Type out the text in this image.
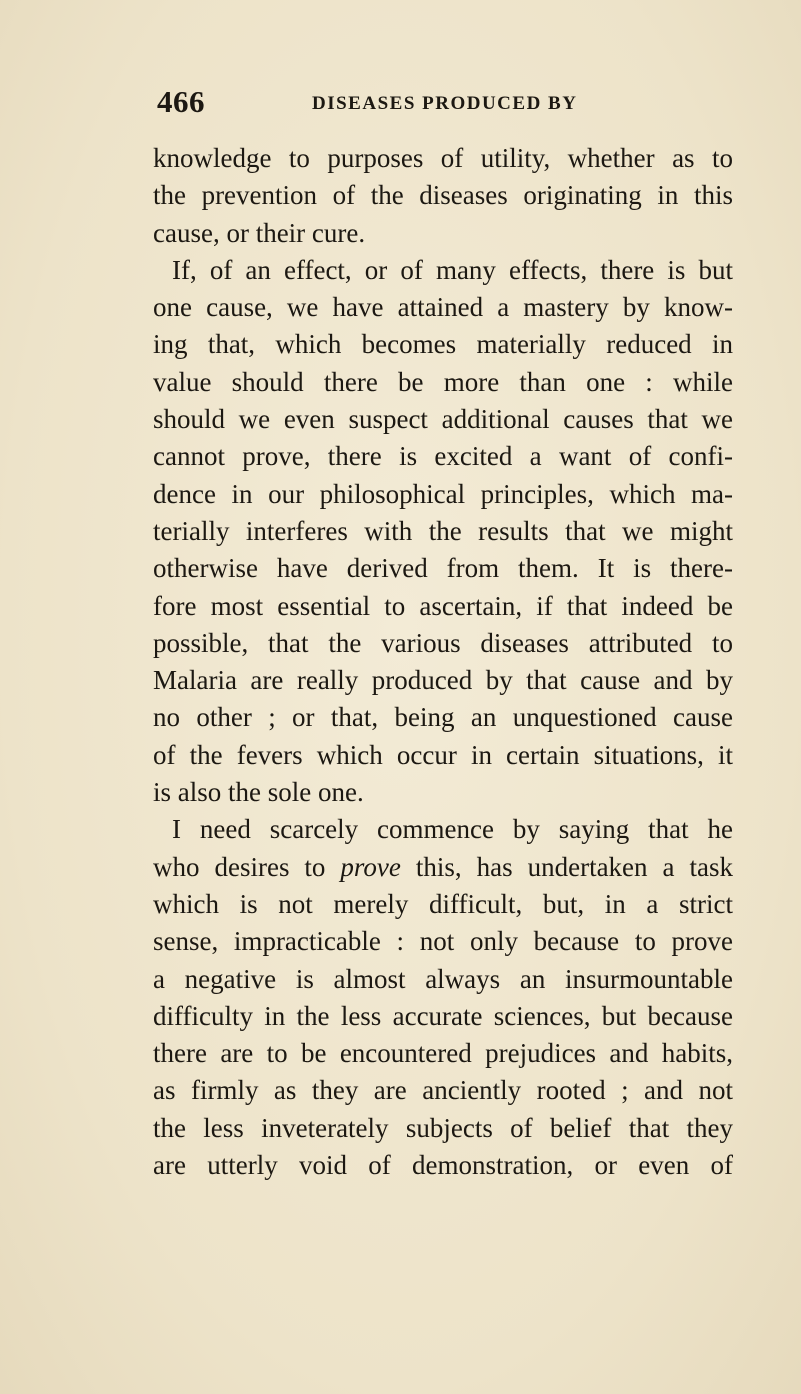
466	DISEASES PRODUCED BY
knowledge to purposes of utility, whether as to
the prevention of the diseases originating in this
cause, or their cure.
If, of an effect, or of many effects, there is but
one cause, we have attained a mastery by know-
ing that, which becomes materially reduced in
value should there be more than one : while
should we even suspect additional causes that we
cannot prove, there is excited a want of confi-
dence in our philosophical principles, which ma-
terially interferes with the results that we might
otherwise have derived from them. It is there-
fore most essential to ascertain, if that indeed be
possible, that the various diseases attributed to
Malaria are really produced by that cause and by
no other ; or that, being an unquestioned cause
of the fevers which occur in certain situations, it
is also the sole one.
I need scarcely commence by saying that he
who desires to prove this, has undertaken a task
which is not merely difficult, but, in a strict
sense, impracticable : not only because to prove
a negative is almost always an insurmountable
difficulty in the less accurate sciences, but because
there are to be encountered prejudices and habits,
as firmly as they are anciently rooted ; and not
the less inveterately subjects of belief that they
are utterly void of demonstration, or even of
